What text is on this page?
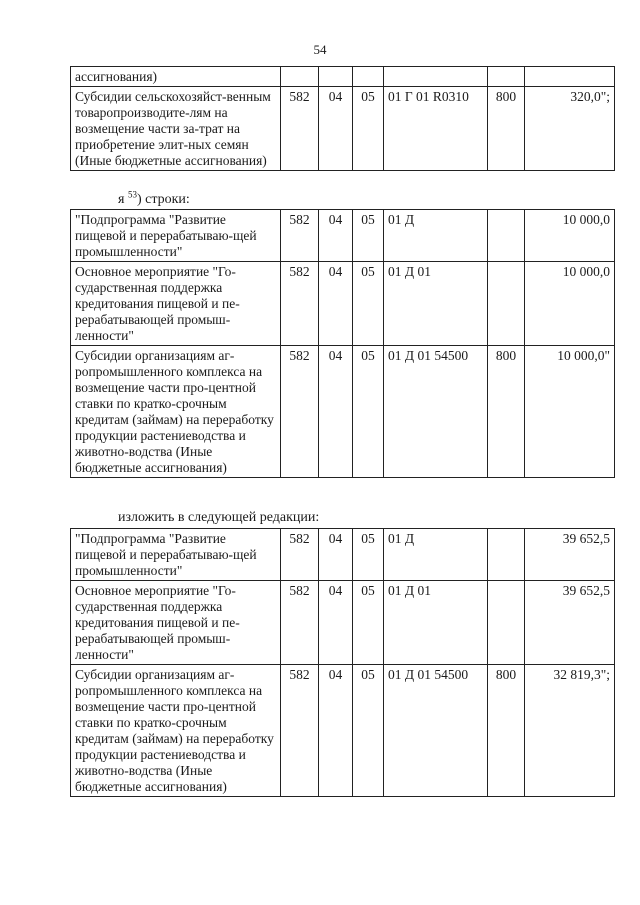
54
ассигнования)						
Субсидии сельскохозяйст-венным товаропроизводите-лям на возмещение части за-трат на приобретение элит-ных семян (Иные бюджетные ассигнования)	582	04	05	01 Г 01 R0310	800	320,0";
я $^{53}$) строки:
"Подпрограмма "Развитие пищевой и перерабатываю-щей промышленности"	582	04	05	01 Д		10 000,0
Основное мероприятие "Го-сударственная поддержка кредитования пищевой и пе-рерабатывающей промыш-ленности"	582	04	05	01 Д 01		10 000,0
Субсидии организациям аг-ропромышленного комплекса на возмещение части про-центной ставки по кратко-срочным кредитам (займам) на переработку продукции растениеводства и животно-водства (Иные бюджетные ассигнования)	582	04	05	01 Д 01 54500	800	10 000,0"
изложить в следующей редакции:
"Подпрограмма "Развитие пищевой и перерабатываю-щей промышленности"	582	04	05	01 Д		39 652,5
Основное мероприятие "Го-сударственная поддержка кредитования пищевой и пе-рерабатывающей промыш-ленности"	582	04	05	01 Д 01		39 652,5
Субсидии организациям аг-ропромышленного комплекса на возмещение части про-центной ставки по кратко-срочным кредитам (займам) на переработку продукции растениеводства и животно-водства (Иные бюджетные ассигнования)	582	04	05	01 Д 01 54500	800	32 819,3";
